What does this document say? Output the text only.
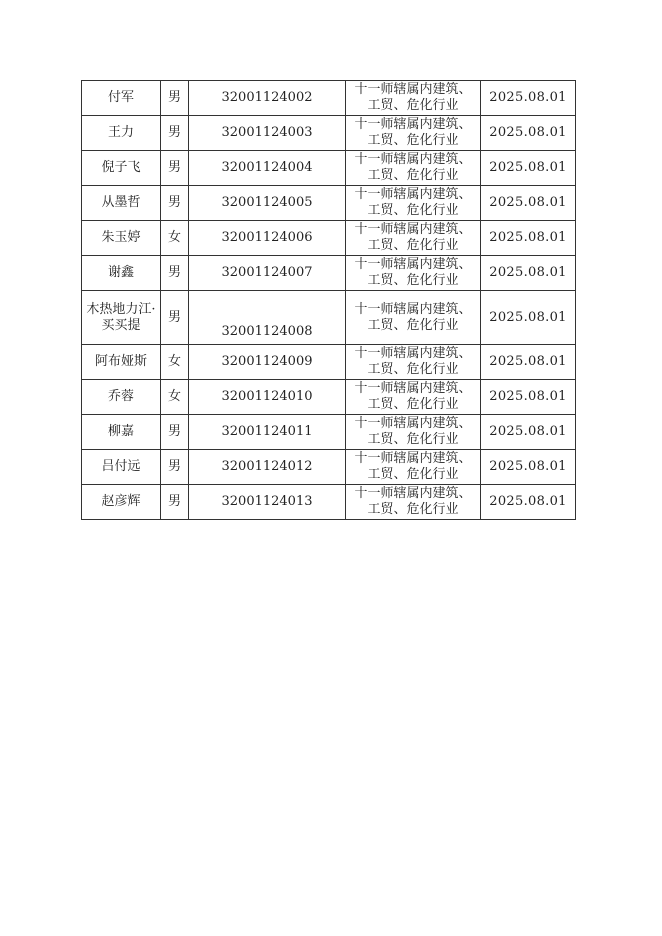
付军	男	32001124002	十一师辖属内建筑、工贸、危化行业	2025.08.01
王力	男	32001124003	十一师辖属内建筑、工贸、危化行业	2025.08.01
倪子飞	男	32001124004	十一师辖属内建筑、工贸、危化行业	2025.08.01
从墨哲	男	32001124005	十一师辖属内建筑、工贸、危化行业	2025.08.01
朱玉婷	女	32001124006	十一师辖属内建筑、工贸、危化行业	2025.08.01
谢鑫	男	32001124007	十一师辖属内建筑、工贸、危化行业	2025.08.01
木热地力江·买买提	男	32001124008	十一师辖属内建筑、工贸、危化行业	2025.08.01
阿布娅斯	女	32001124009	十一师辖属内建筑、工贸、危化行业	2025.08.01
乔蓉	女	32001124010	十一师辖属内建筑、工贸、危化行业	2025.08.01
柳嘉	男	32001124011	十一师辖属内建筑、工贸、危化行业	2025.08.01
吕付远	男	32001124012	十一师辖属内建筑、工贸、危化行业	2025.08.01
赵彦辉	男	32001124013	十一师辖属内建筑、工贸、危化行业	2025.08.01
